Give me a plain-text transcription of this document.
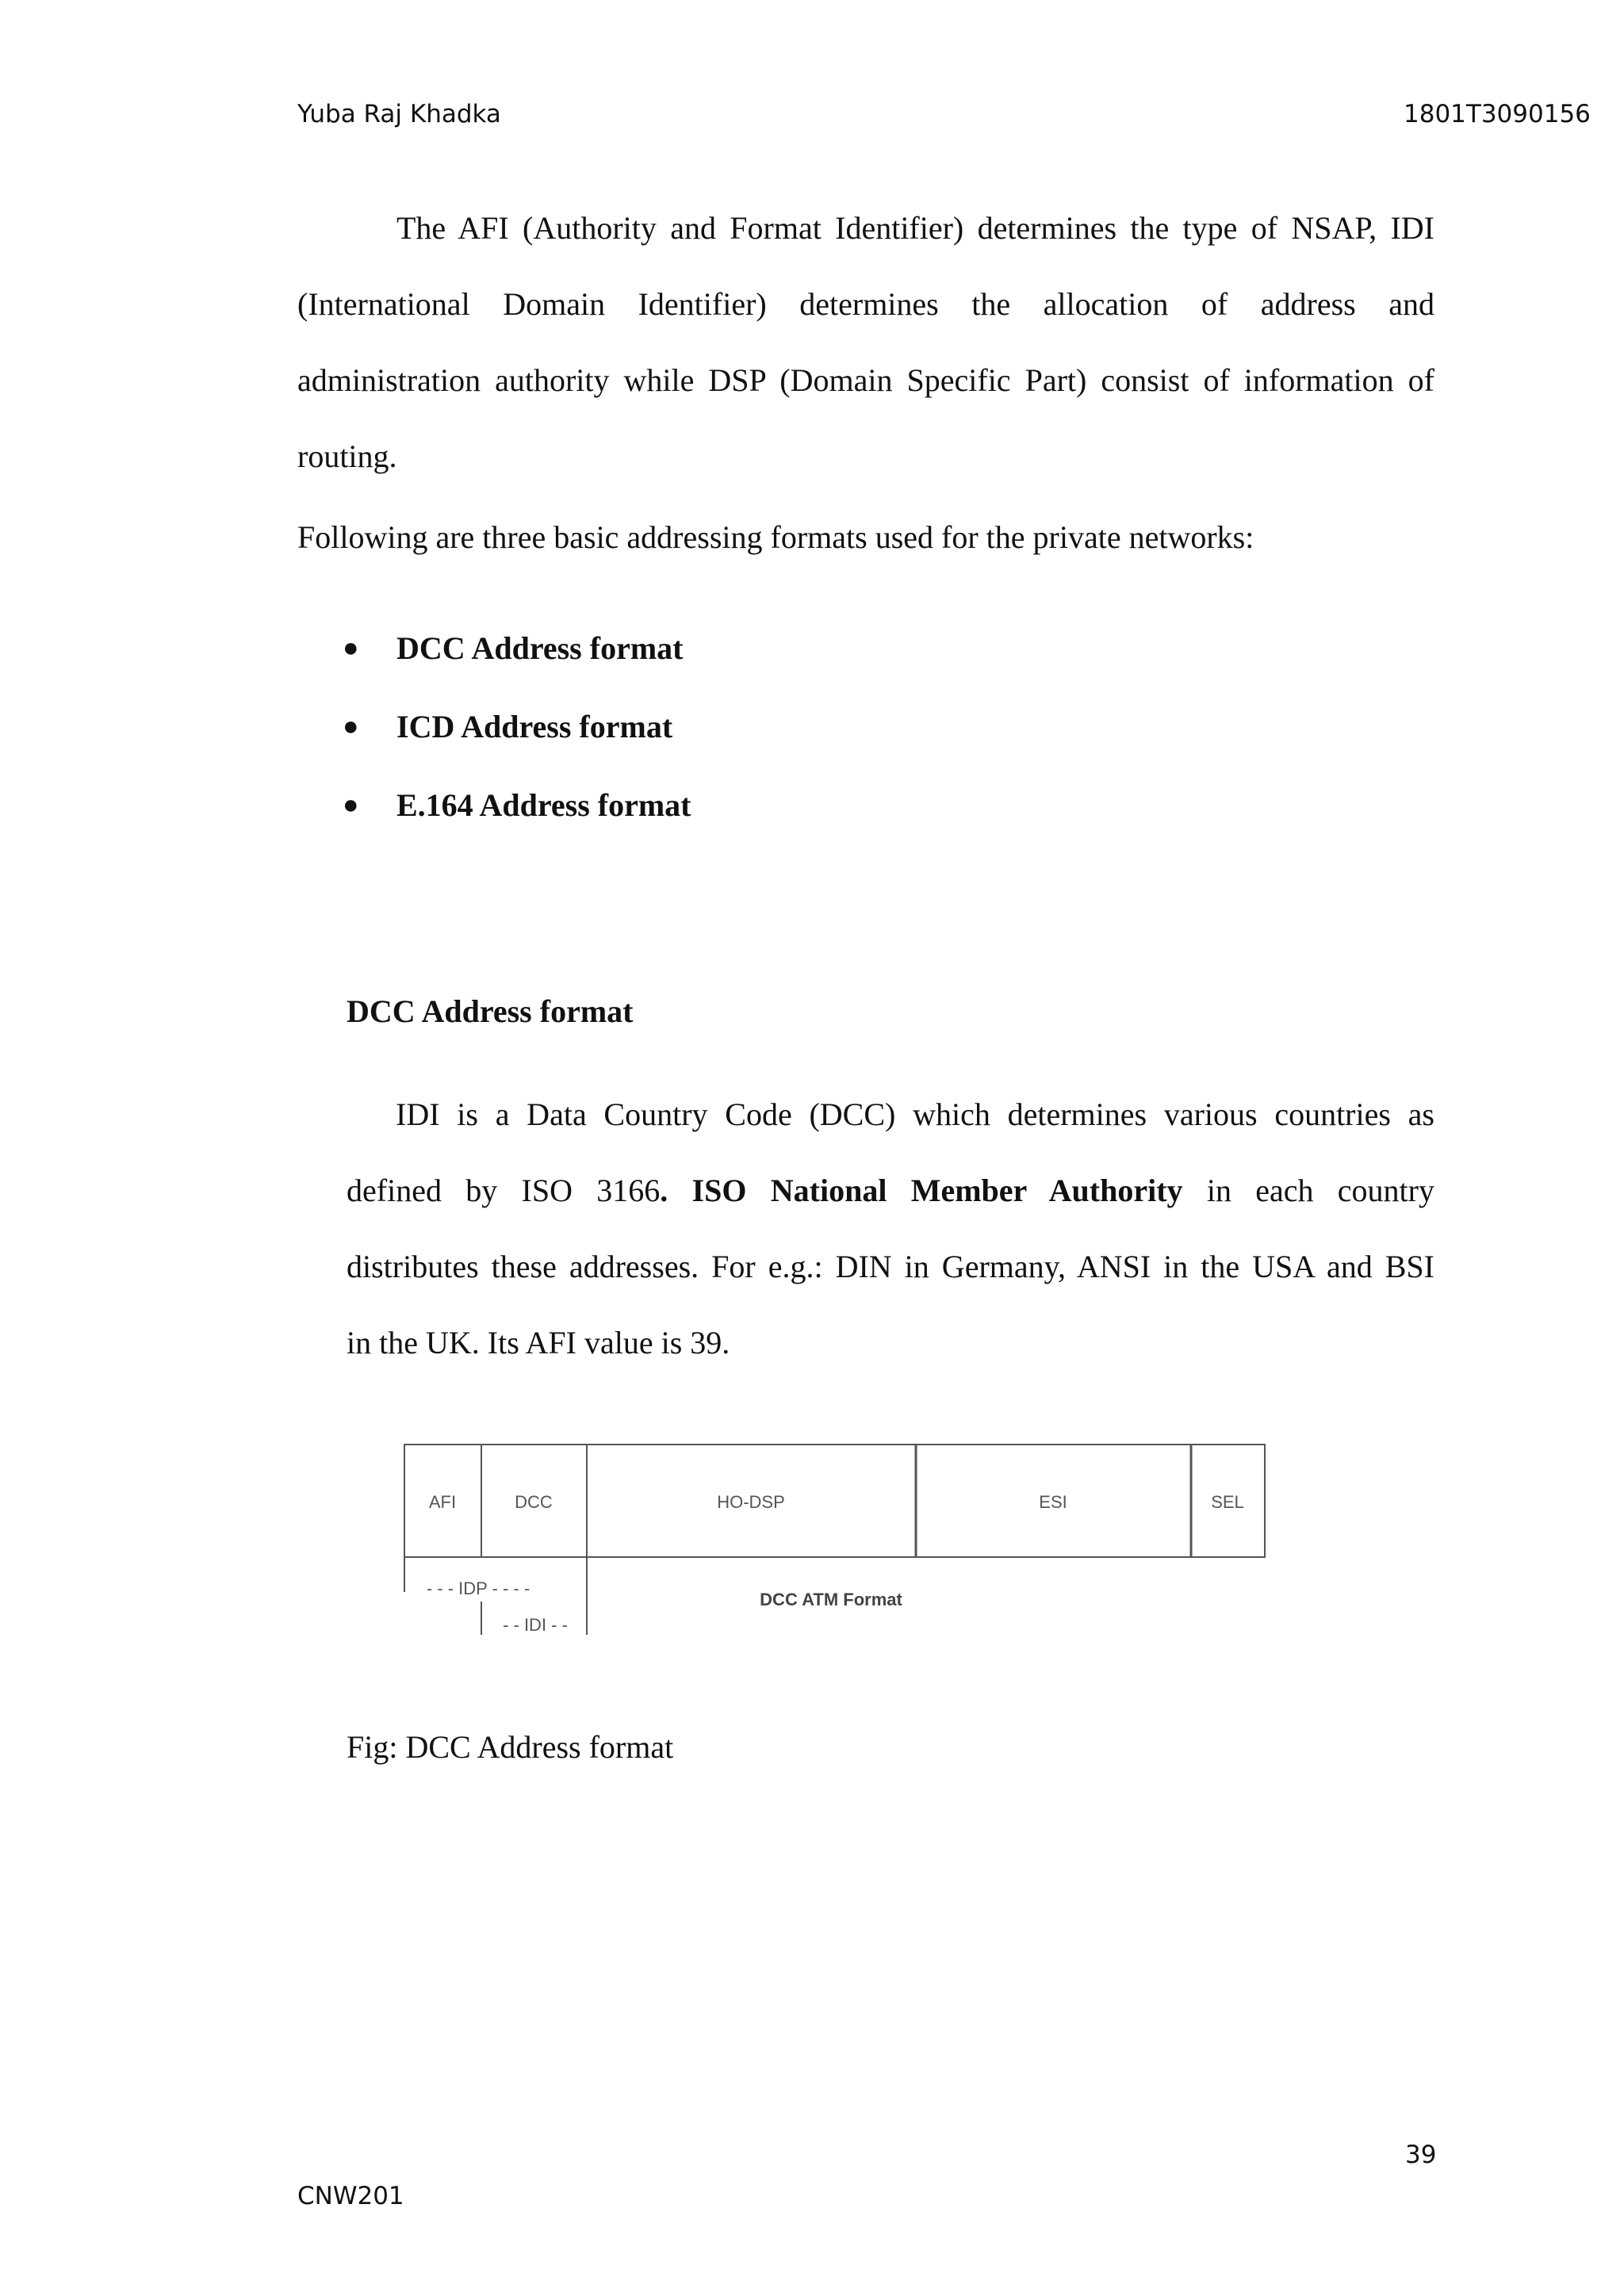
Yuba Raj Khadka	1801T3090156
The AFI (Authority and Format Identifier) determines the type of NSAP, IDI
(International Domain Identifier) determines the allocation of address and
administration authority while DSP (Domain Specific Part) consist of information of
routing.
Following are three basic addressing formats used for the private networks:
● DCC Address format
● ICD Address format
● E.164 Address format
DCC Address format
IDI is a Data Country Code (DCC) which determines various countries as
defined by ISO 3166. ISO National Member Authority in each country
distributes these addresses. For e.g.: DIN in Germany, ANSI in the USA and BSI
in the UK. Its AFI value is 39.
AFI	DCC	HO-DSP	ESI	SEL
- - - IDP - - - -
- - IDI - -
DCC ATM Format
Fig: DCC Address format
39
CNW201
